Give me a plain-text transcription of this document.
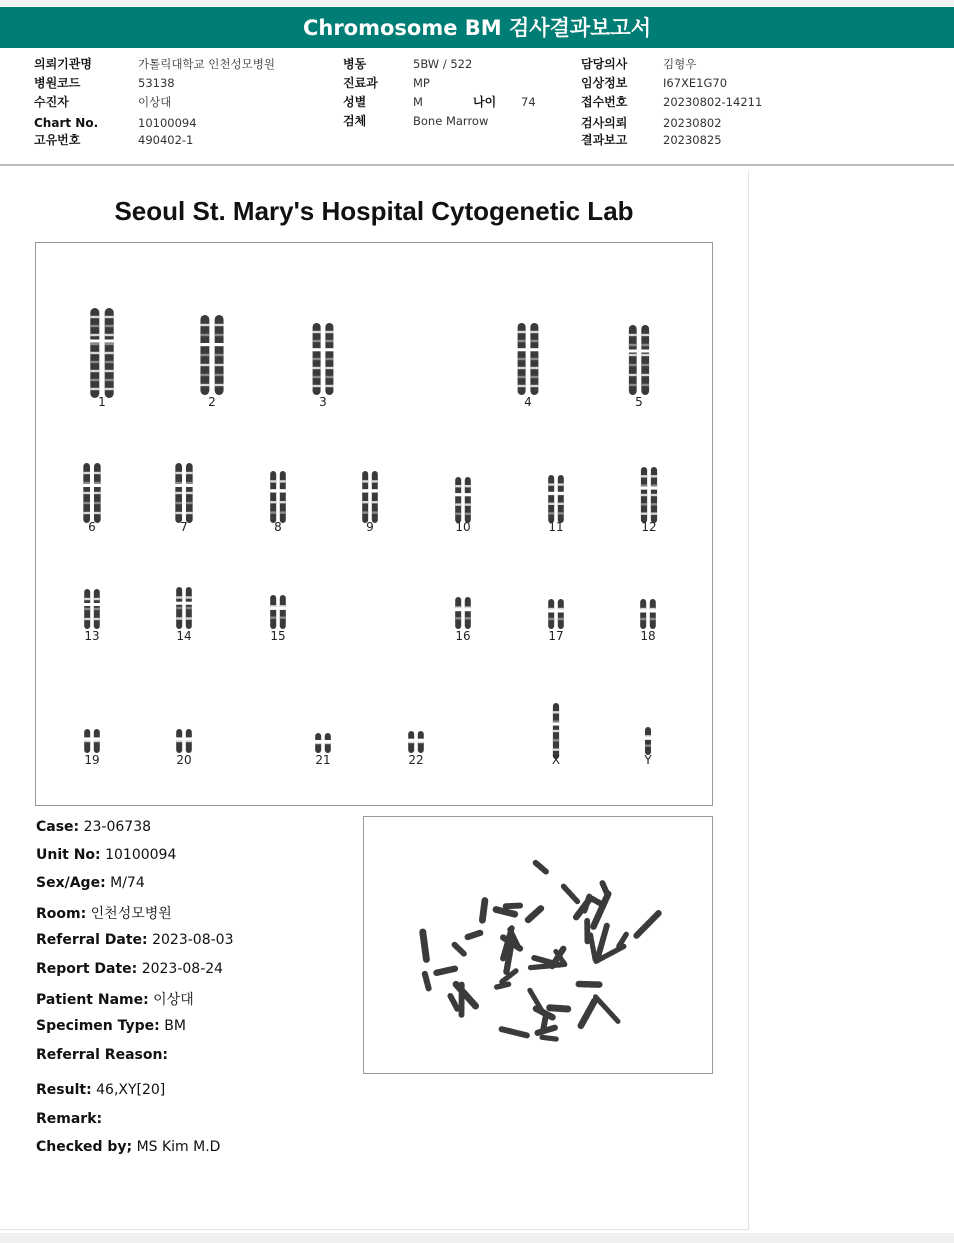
Chromosome BM 검사결과보고서
의뢰기관명	가톨릭대학교 인천성모병원
병원코드	53138
수진자	이상대
Chart No.	10100094
고유번호	490402-1
병동	5BW / 522
진료과	MP
성별	M	나이 74
검체	Bone Marrow
담당의사	김형우
임상정보	I67XE1G70
접수번호	20230802-14211
검사의뢰	20230802
결과보고	20230825
Seoul St. Mary's Hospital Cytogenetic Lab
1	2	3	4	5
6	7	8	9	10	11	12
13	14	15	16	17	18
19	20	21	22	X	Y
Case: 23-06738
Unit No: 10100094
Sex/Age: M/74
Room: 인천성모병원
Referral Date: 2023-08-03
Report Date: 2023-08-24
Patient Name: 이상대
Specimen Type: BM
Referral Reason:
Result: 46,XY[20]
Remark:
Checked by; MS Kim M.D
